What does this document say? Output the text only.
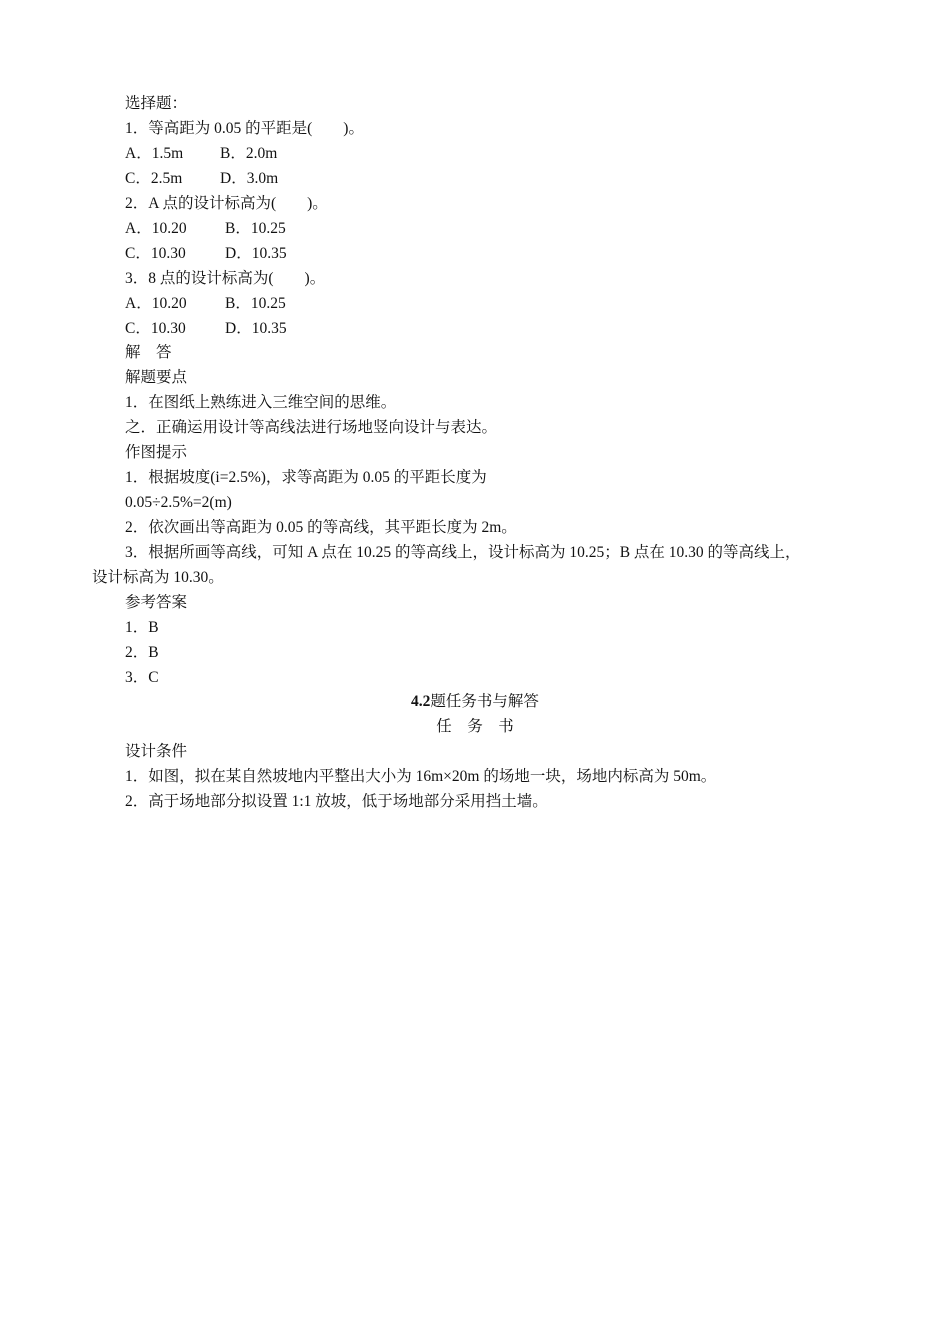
选择题：
1．等高距为 0.05 的平距是(　　)。
A．1.5m B．2.0m
C．2.5m D．3.0m
2．A 点的设计标高为(　　)。
A．10.20 B．10.25
C．10.30	D．10.35
3．8 点的设计标高为(　　)。
A．10.20 B．10.25
C．10.30	D．10.35
解　答
解题要点
1．在图纸上熟练进入三维空间的思维。
之．正确运用设计等高线法进行场地竖向设计与表达。
作图提示
1．根据坡度(i=2.5%)，求等高距为 0.05 的平距长度为
0.05÷2.5%=2(m)
2．依次画出等高距为 0.05 的等高线，其平距长度为 2m。
3．根据所画等高线，可知 A 点在 10.25 的等高线上，设计标高为 10.25；B 点在 10.30 的等高线上，
设计标高为 10.30。
参考答案
1．B
2．B
3．C
4.2题任务书与解答
任　务　书
设计条件
1．如图，拟在某自然坡地内平整出大小为 16m×20m 的场地一块，场地内标高为 50m。
2．高于场地部分拟设置 1:1 放坡，低于场地部分采用挡土墙。
